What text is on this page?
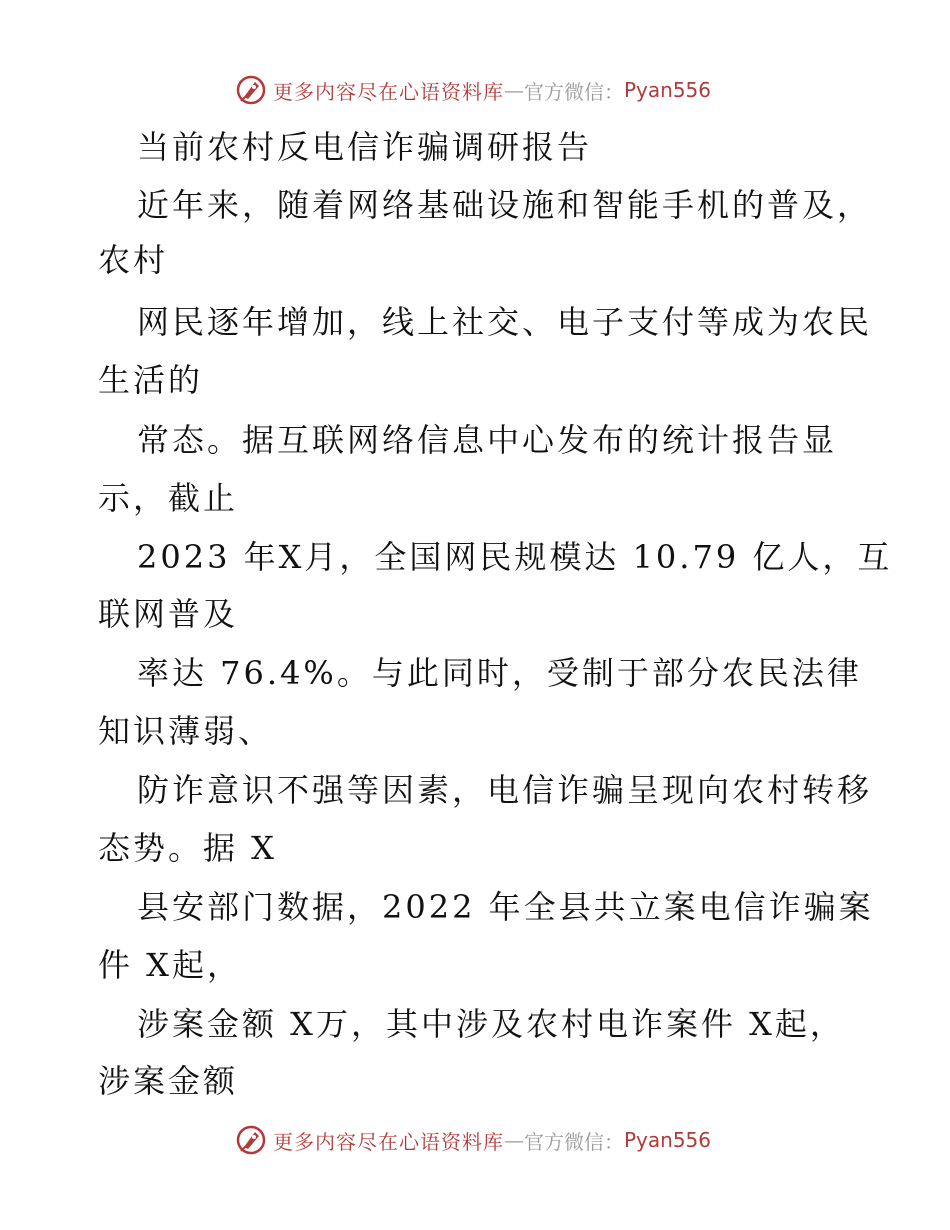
更多内容尽在心语资料库 — 官方微信： Pyan556
当前农村反电信诈骗调研报告
近年来，随着网络基础设施和智能手机的普及，
农村
网民逐年增加，线上社交、电子支付等成为农民
生活的
常态。据互联网络信息中心发布的统计报告显
示，截止
2023 年X月，全国网民规模达 10.79 亿人，互
联网普及
率达 76.4%。与此同时，受制于部分农民法律
知识薄弱、
防诈意识不强等因素，电信诈骗呈现向农村转移
态势。据 X
县安部门数据，2022 年全县共立案电信诈骗案
件 X起，
涉案金额 X万，其中涉及农村电诈案件 X起，
涉案金额
更多内容尽在心语资料库 — 官方微信： Pyan556
